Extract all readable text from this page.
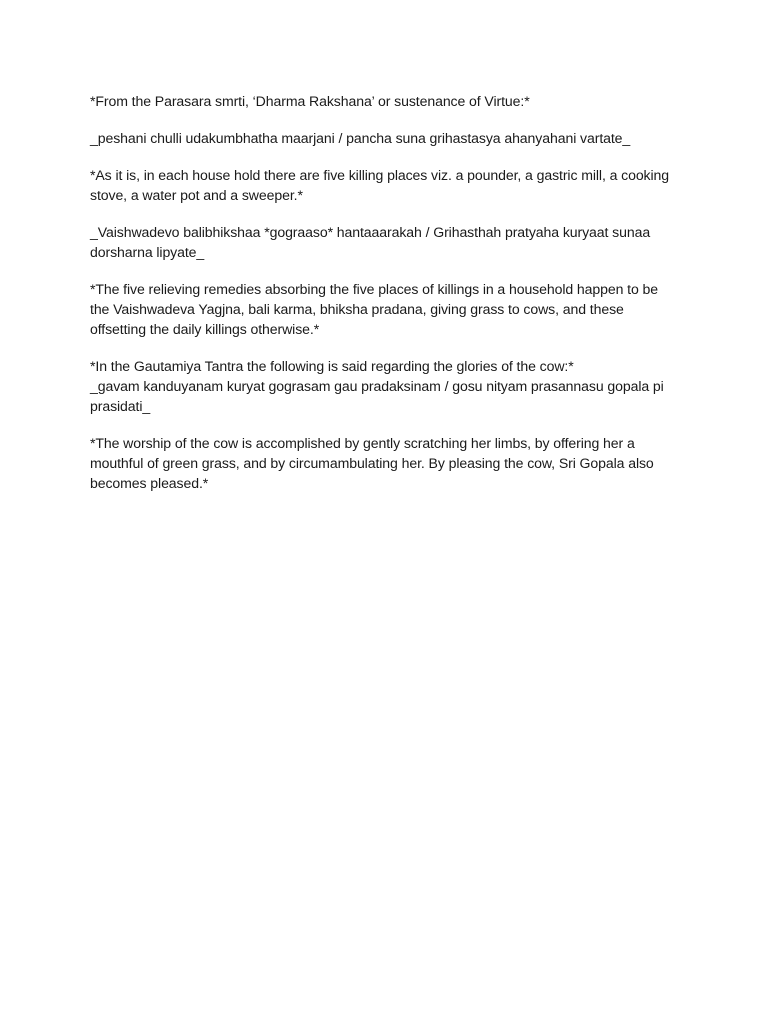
*From the Parasara smrti, ‘Dharma Rakshana’ or sustenance of Virtue:*

_peshani chulli udakumbhatha maarjani / pancha suna grihastasya ahanyahani vartate_

*As it is, in each house hold there are five killing places viz. a pounder, a gastric mill, a cooking
stove, a water pot and a sweeper.*

_Vaishwadevo balibhikshaa *gograaso* hantaaarakah / Grihasthah pratyaha kuryaat sunaa
dorsharna lipyate_

*The five relieving remedies absorbing the five places of killings in a household happen to be
the Vaishwadeva Yagjna, bali karma, bhiksha pradana, giving grass to cows, and these
offsetting the daily killings otherwise.*

*In the Gautamiya Tantra the following is said regarding the glories of the cow:*
_gavam kanduyanam kuryat gograsam gau pradaksinam / gosu nityam prasannasu gopala pi
prasidati_

*The worship of the cow is accomplished by gently scratching her limbs, by offering her a
mouthful of green grass, and by circumambulating her. By pleasing the cow, Sri Gopala also
becomes pleased.*
